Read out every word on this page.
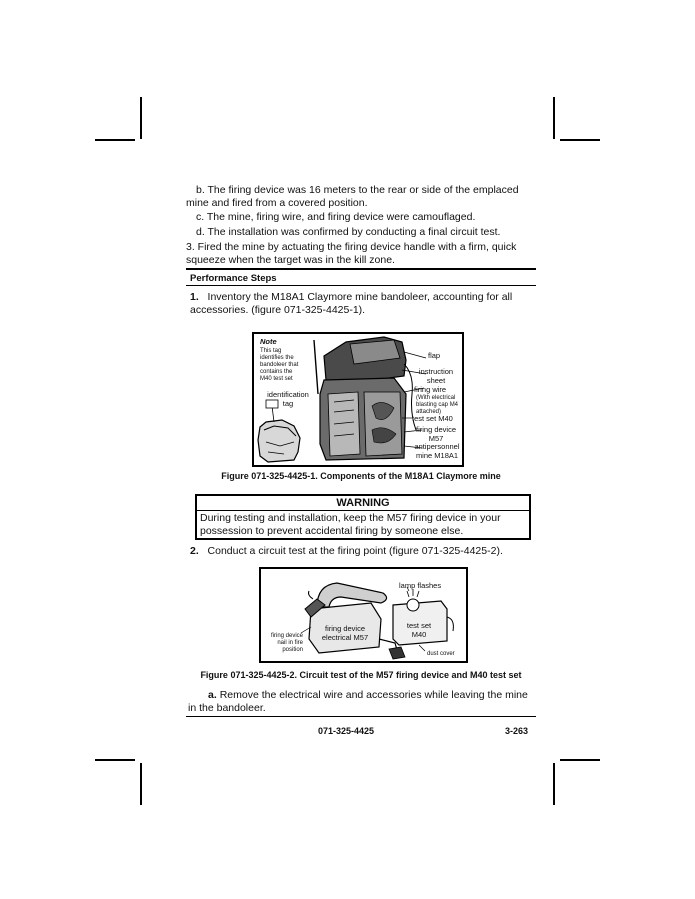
b. The firing device was 16 meters to the rear or side of the emplaced mine and fired from a covered position.
c. The mine, firing wire, and firing device were camouflaged.
d. The installation was confirmed by conducting a final circuit test.
3. Fired the mine by actuating the firing device handle with a firm, quick squeeze when the target was in the kill zone.
Performance Steps
1. Inventory the M18A1 Claymore mine bandoleer, accounting for all accessories. (figure 071-325-4425-1).
Note
This tag identifies the bandoleer that contains the M40 test set
identification tag
flap
instruction sheet
firing wire
(With electrical blasting cap M4 attached)
test set M40
firing device M57
antipersonnel mine M18A1
Figure 071-325-4425-1. Components of the M18A1 Claymore mine
WARNING
During testing and installation, keep the M57 firing device in your possession to prevent accidental firing by someone else.
2. Conduct a circuit test at the firing point (figure 071-325-4425-2).
lamp flashes
firing device electrical M57
test set M40
firing device nail in fire position
dust cover
Figure 071-325-4425-2. Circuit test of the M57 firing device and M40 test set
a. Remove the electrical wire and accessories while leaving the mine in the bandoleer.
071-325-4425	3-263
